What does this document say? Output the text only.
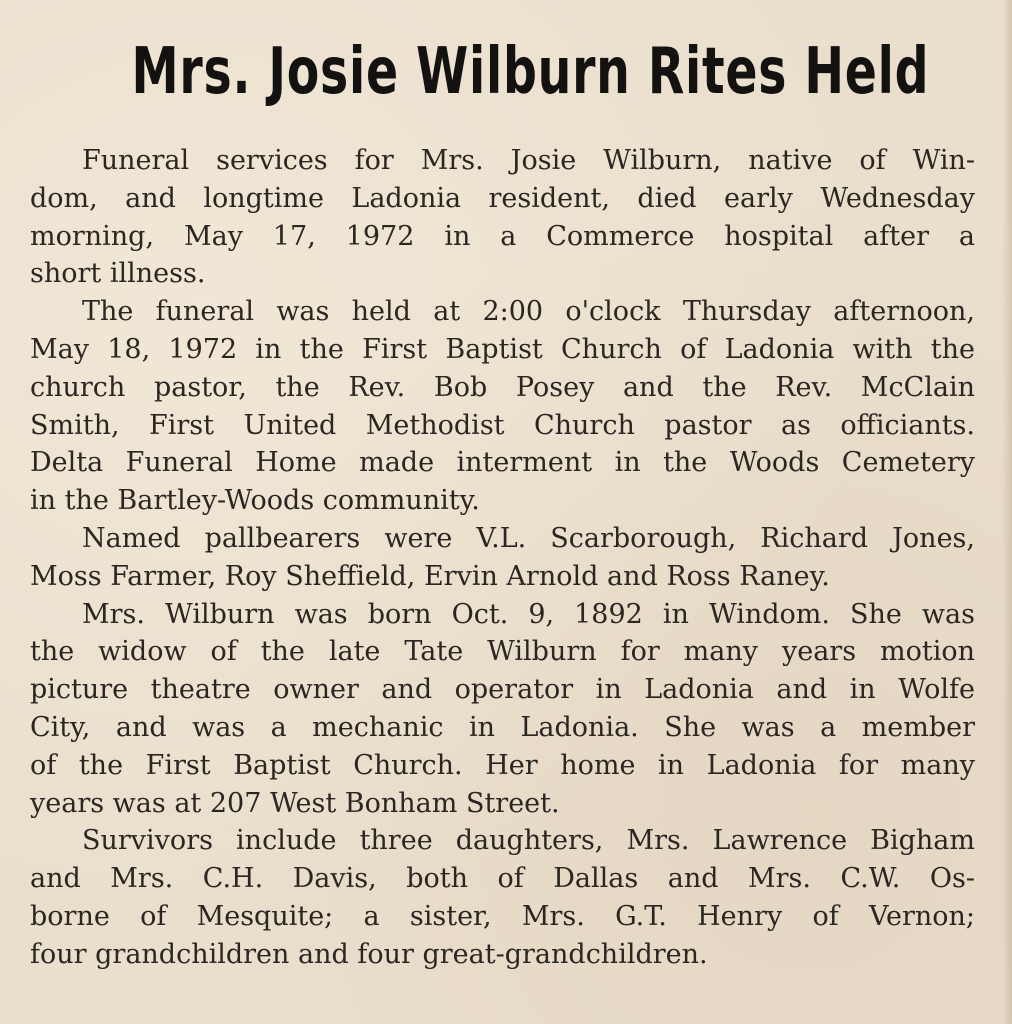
Mrs. Josie Wilburn Rites Held
Funeral services for Mrs. Josie Wilburn, native of Win-
dom, and longtime Ladonia resident, died early Wednesday
morning, May 17, 1972 in a Commerce hospital after a
short illness.
The funeral was held at 2:00 o'clock Thursday afternoon,
May 18, 1972 in the First Baptist Church of Ladonia with the
church pastor, the Rev. Bob Posey and the Rev. McClain
Smith, First United Methodist Church pastor as officiants.
Delta Funeral Home made interment in the Woods Cemetery
in the Bartley-Woods community.
Named pallbearers were V.L. Scarborough, Richard Jones,
Moss Farmer, Roy Sheffield, Ervin Arnold and Ross Raney.
Mrs. Wilburn was born Oct. 9, 1892 in Windom. She was
the widow of the late Tate Wilburn for many years motion
picture theatre owner and operator in Ladonia and in Wolfe
City, and was a mechanic in Ladonia. She was a member
of the First Baptist Church. Her home in Ladonia for many
years was at 207 West Bonham Street.
Survivors include three daughters, Mrs. Lawrence Bigham
and Mrs. C.H. Davis, both of Dallas and Mrs. C.W. Os-
borne of Mesquite; a sister, Mrs. G.T. Henry of Vernon;
four grandchildren and four great-grandchildren.
